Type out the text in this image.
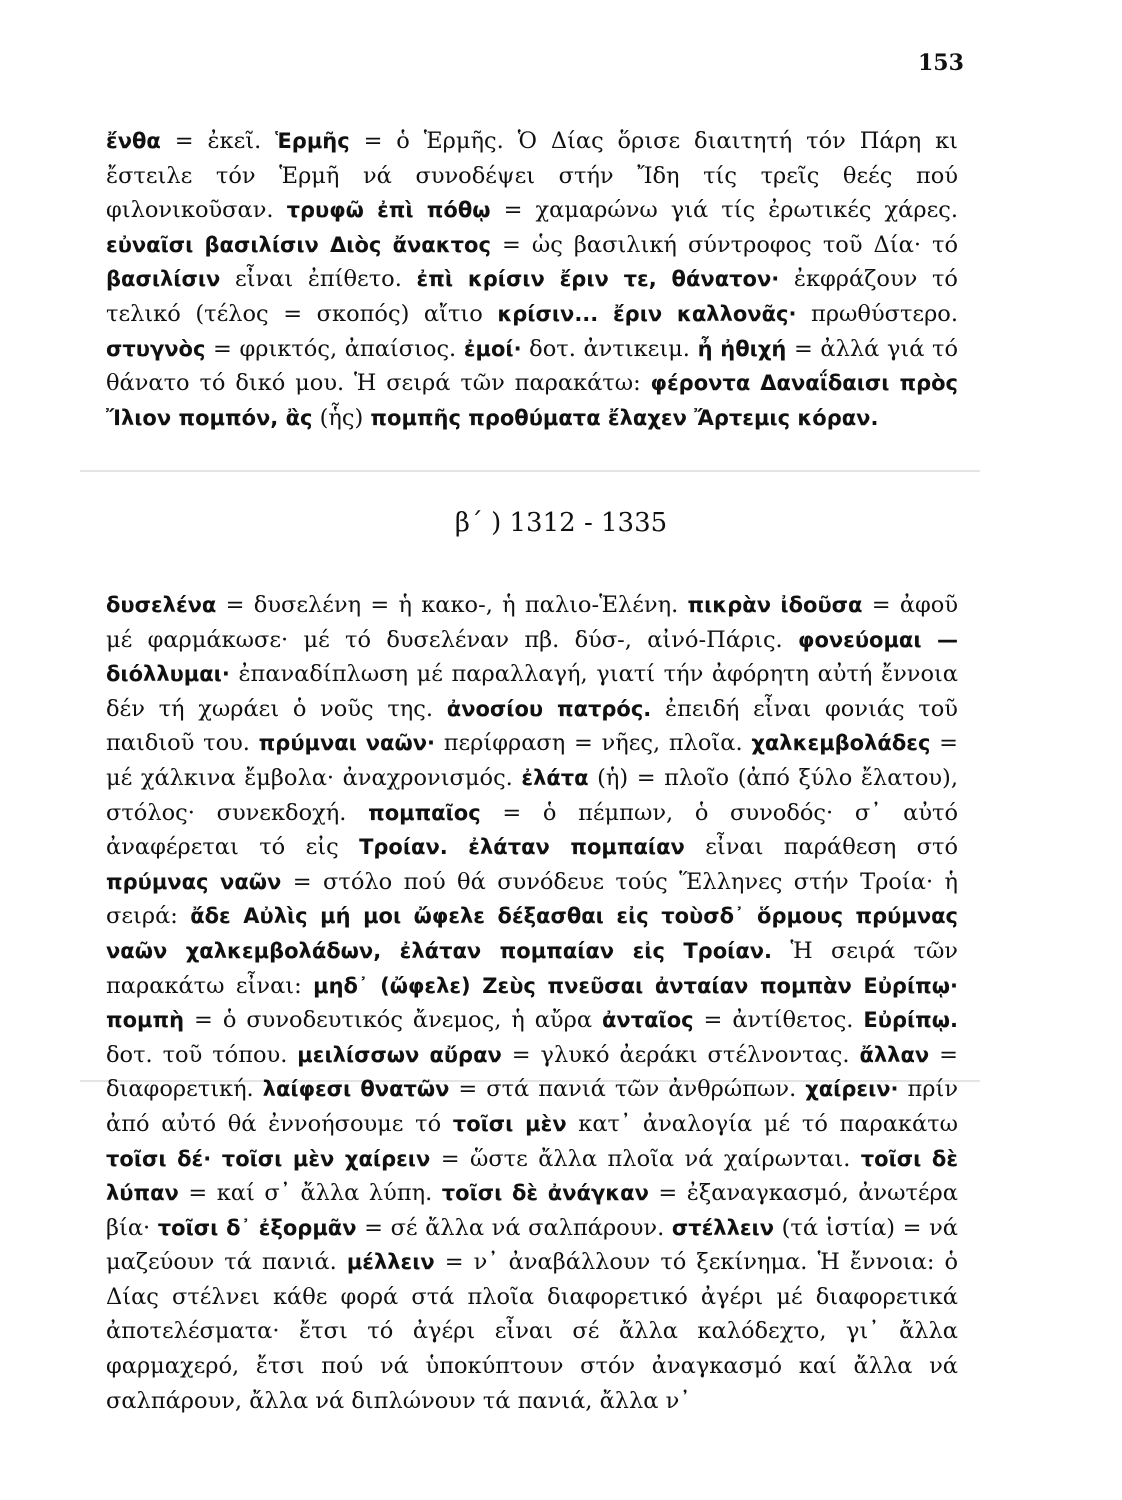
153
ἔνθα = ἐκεῖ. Ἑρμῆς = ὁ Ἑρμῆς. Ὁ Δίας ὅρισε διαιτητή τόν Πάρη κι ἔστειλε τόν Ἑρμῆ νά συνοδέψει στήν Ἴδη τίς τρεῖς θεές πού φιλονικοῦσαν. τρυφῶ ἐπὶ πόθῳ = χαμαρώνω γιά τίς ἐρωτικές χάρες. εὐναῖσι βασιλίσιν Διὸς ἄνακτος = ὡς βασιλική σύντροφος τοῦ Δία· τό βασιλίσιν εἶναι ἐπίθετο. ἐπὶ κρίσιν ἔριν τε, θάνατον· ἐκφράζουν τό τελικό (τέλος = σκοπός) αἴτιο κρίσιν... ἔριν καλλονᾶς· πρωθύστερο. στυγνὸς = φρικτός, ἀπαίσιος. ἐμοί· δοτ. ἀντικειμ. ἦ ἠθιχή = ἀλλά γιά τό θάνατο τό δικό μου. Ἡ σειρά τῶν παρακάτω: φέροντα Δαναΐδαισι πρὸς Ἴλιον πομπόν, ἂς (ἧς) πομπῆς προθύματα ἔλαχεν Ἄρτεμις κόραν.
β΄ ) 1312 - 1335
δυσελένα = δυσελένη = ἡ κακο-, ἡ παλιο-Ἑλένη. πικρὰν ἰδοῦσα = ἀφοῦ μέ φαρμάκωσε· μέ τό δυσελέναν πβ. δύσ-, αἰνό-Πάρις. φονεύομαι — διόλλυμαι· ἐπαναδίπλωση μέ παραλλαγή, γιατί τήν ἀφόρητη αὐτή ἔννοια δέν τή χωράει ὁ νοῦς της. ἀνοσίου πατρός. ἐπειδή εἶναι φονιάς τοῦ παιδιοῦ του. πρύμναι ναῶν· περίφραση = νῆες, πλοῖα. χαλκεμβολάδες = μέ χάλκινα ἔμβολα· ἀναχρονισμός. ἐλάτα (ἡ) = πλοῖο (ἀπό ξύλο ἔλατου), στόλος· συνεκδοχή. πομπαῖος = ὁ πέμπων, ὁ συνοδός· σ᾽ αὐτό ἀναφέρεται τό εἰς Τροίαν. ἐλάταν πομπαίαν εἶναι παράθεση στό πρύμνας ναῶν = στόλο πού θά συνόδευε τούς Ἕλληνες στήν Τροία· ἡ σειρά: ἄδε Αὐλὶς μή μοι ὤφελε δέξασθαι εἰς τοὺσδ᾽ ὅρμους πρύμνας ναῶν χαλκεμβολάδων, ἐλάταν πομπαίαν εἰς Τροίαν. Ἡ σειρά τῶν παρακάτω εἶναι: μηδ᾽ (ὤφελε) Ζεὺς πνεῦσαι ἀνταίαν πομπὰν Εὐρίπῳ· πομπὴ = ὁ συνοδευτικός ἄνεμος, ἡ αὔρα ἀνταῖος = ἀντίθετος. Εὐρίπῳ. δοτ. τοῦ τόπου. μειλίσσων αὔραν = γλυκό ἀεράκι στέλνοντας. ἄλλαν = διαφορετική. λαίφεσι θνατῶν = στά πανιά τῶν ἀνθρώπων. χαίρειν· πρίν ἀπό αὐτό θά ἐννοήσουμε τό τοῖσι μὲν κατ᾽ ἀναλογία μέ τό παρακάτω τοῖσι δέ· τοῖσι μὲν χαίρειν = ὥστε ἄλλα πλοῖα νά χαίρωνται. τοῖσι δὲ λύπαν = καί σ᾽ ἄλλα λύπη. τοῖσι δὲ ἀνάγκαν = ἐξαναγκασμό, ἀνωτέρα βία· τοῖσι δ᾽ ἐξορμᾶν = σέ ἄλλα νά σαλπάρουν. στέλλειν (τά ἱστία) = νά μαζεύουν τά πανιά. μέλλειν = ν᾽ ἀναβάλλουν τό ξεκίνημα. Ἡ ἔννοια: ὁ Δίας στέλνει κάθε φορά στά πλοῖα διαφορετικό ἀγέρι μέ διαφορετικά ἀποτελέσματα· ἔτσι τό ἀγέρι εἶναι σέ ἄλλα καλόδεχτο, γι᾽ ἄλλα φαρμαχερό, ἔτσι πού νά ὑποκύπτουν στόν ἀναγκασμό καί ἄλλα νά σαλπάρουν, ἄλλα νά διπλώνουν τά πανιά, ἄλλα ν᾽
